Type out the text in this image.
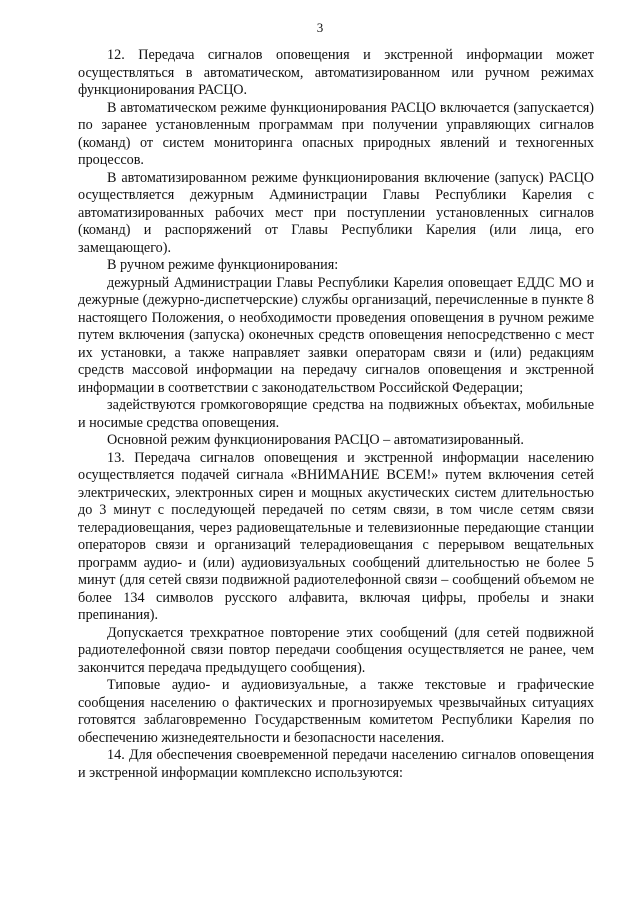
3

12. Передача сигналов оповещения и экстренной информации может осуществляться в автоматическом, автоматизированном или ручном режимах функционирования РАСЦО.

В автоматическом режиме функционирования РАСЦО включается (запускается) по заранее установленным программам при получении управляющих сигналов (команд) от систем мониторинга опасных природных явлений и техногенных процессов.

В автоматизированном режиме функционирования включение (запуск) РАСЦО осуществляется дежурным Администрации Главы Республики Карелия с автоматизированных рабочих мест при поступлении установленных сигналов (команд) и распоряжений от Главы Республики Карелия (или лица, его замещающего).

В ручном режиме функционирования:

дежурный Администрации Главы Республики Карелия оповещает ЕДДС МО и дежурные (дежурно-диспетчерские) службы организаций, перечисленные в пункте 8 настоящего Положения, о необходимости проведения оповещения в ручном режиме путем включения (запуска) оконечных средств оповещения непосредственно с мест их установки, а также направляет заявки операторам связи и (или) редакциям средств массовой информации на передачу сигналов оповещения и экстренной информации в соответствии с законодательством Российской Федерации;

задействуются громкоговорящие средства на подвижных объектах, мобильные и носимые средства оповещения.

Основной режим функционирования РАСЦО – автоматизированный.

13. Передача сигналов оповещения и экстренной информации населению осуществляется подачей сигнала «ВНИМАНИЕ ВСЕМ!» путем включения сетей электрических, электронных сирен и мощных акустических систем длительностью до 3 минут с последующей передачей по сетям связи, в том числе сетям связи телерадиовещания, через радиовещательные и телевизионные передающие станции операторов связи и организаций телерадиовещания с перерывом вещательных программ аудио- и (или) аудиовизуальных сообщений длительностью не более 5 минут (для сетей связи подвижной радиотелефонной связи – сообщений объемом не более 134 символов русского алфавита, включая цифры, пробелы и знаки препинания).

Допускается трехкратное повторение этих сообщений (для сетей подвижной радиотелефонной связи повтор передачи сообщения осуществляется не ранее, чем закончится передача предыдущего сообщения).

Типовые аудио- и аудиовизуальные, а также текстовые и графические сообщения населению о фактических и прогнозируемых чрезвычайных ситуациях готовятся заблаговременно Государственным комитетом Республики Карелия по обеспечению жизнедеятельности и безопасности населения.

14. Для обеспечения своевременной передачи населению сигналов оповещения и экстренной информации комплексно используются:
